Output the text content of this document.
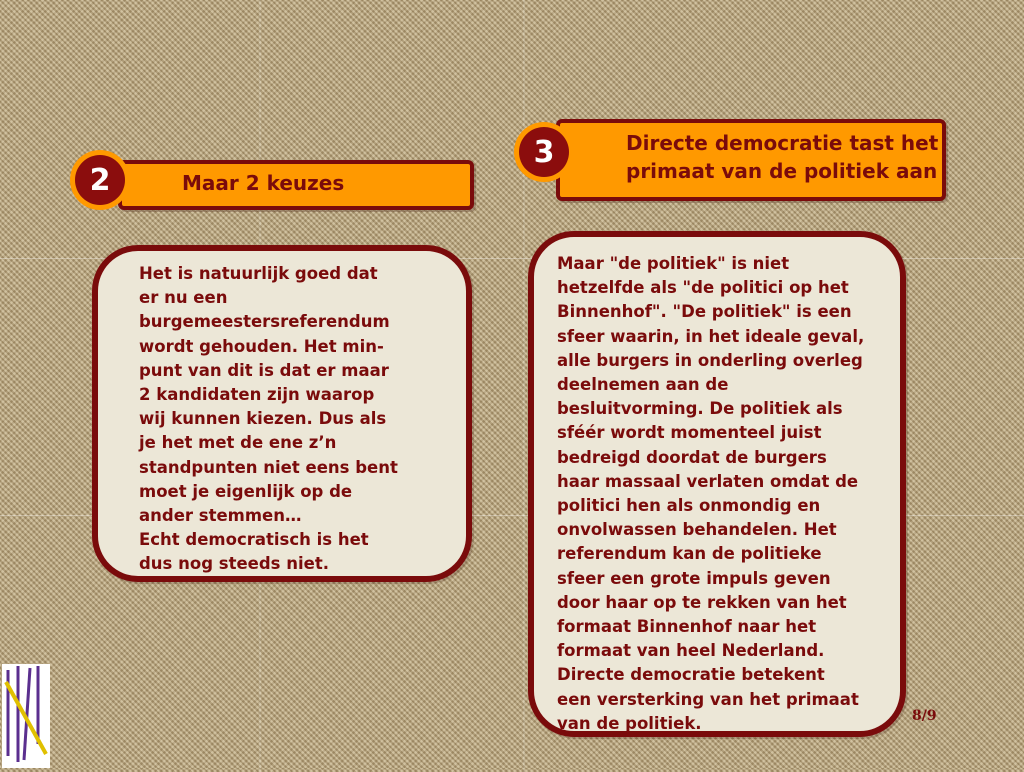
Maar 2 keuzes
2
Het is natuurlijk goed dat
er nu een
burgemeestersreferendum
wordt gehouden. Het min-
punt van dit is dat er maar
2 kandidaten zijn waarop
wij kunnen kiezen. Dus als
je het met de ene z’n
standpunten niet eens bent
moet je eigenlijk op de
ander stemmen…
Echt democratisch is het
dus nog steeds niet.
Directe democratie tast het
primaat van de politiek aan
3
Maar "de politiek" is niet
hetzelfde als "de politici op het
Binnenhof". "De politiek" is een
sfeer waarin, in het ideale geval,
alle burgers in onderling overleg
deelnemen aan de
besluitvorming. De politiek als
sféér wordt momenteel juist
bedreigd doordat de burgers
haar massaal verlaten omdat de
politici hen als onmondig en
onvolwassen behandelen. Het
referendum kan de politieke
sfeer een grote impuls geven
door haar op te rekken van het
formaat Binnenhof naar het
formaat van heel Nederland.
Directe democratie betekent
een versterking van het primaat
van de politiek.	8/9
